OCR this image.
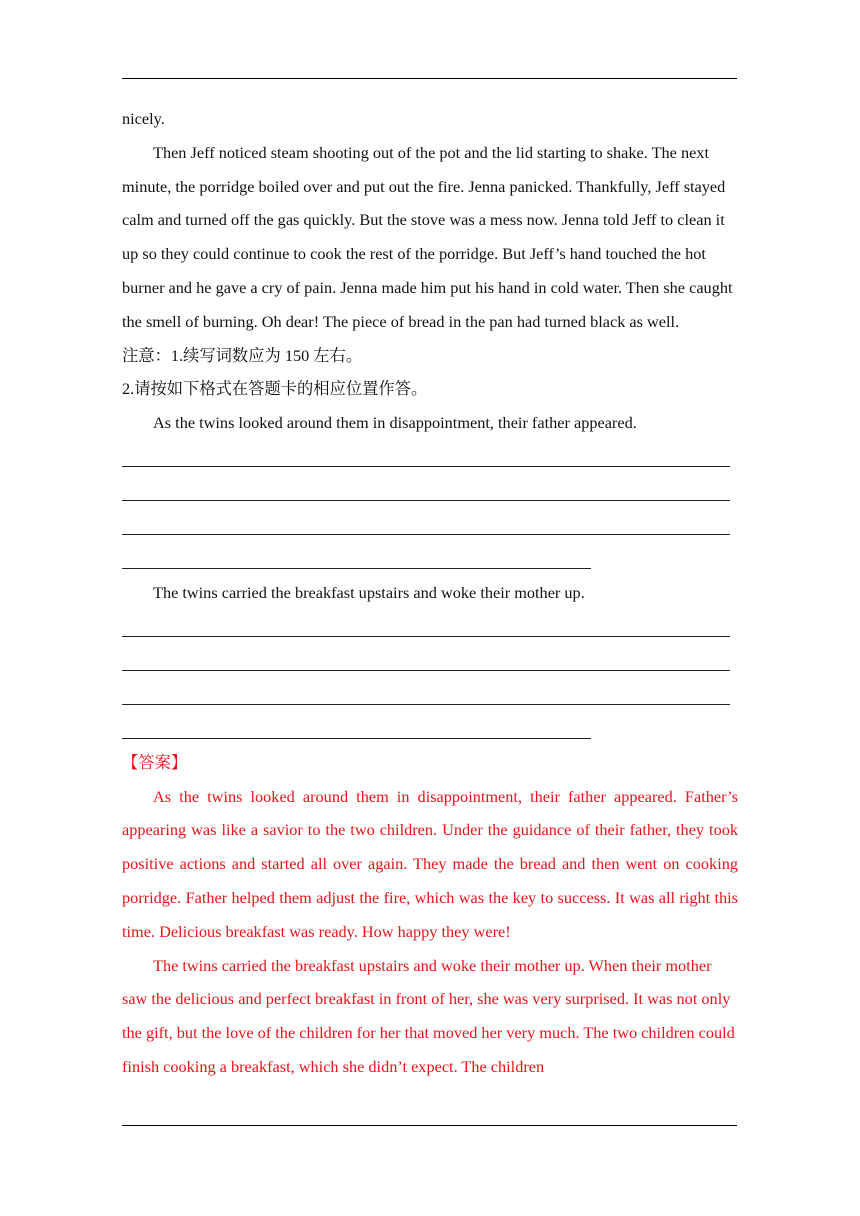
nicely.

Then Jeff noticed steam shooting out of the pot and the lid starting to shake. The next minute, the porridge boiled over and put out the fire. Jenna panicked. Thankfully, Jeff stayed calm and turned off the gas quickly. But the stove was a mess now. Jenna told Jeff to clean it up so they could continue to cook the rest of the porridge. But Jeff’s hand touched the hot burner and he gave a cry of pain. Jenna made him put his hand in cold water. Then she caught the smell of burning. Oh dear! The piece of bread in the pan had turned black as well.

注意：1.续写词数应为 150 左右。

2.请按如下格式在答题卡的相应位置作答。

As the twins looked around them in disappointment, their father appeared.

The twins carried the breakfast upstairs and woke their mother up.

【答案】

As the twins looked around them in disappointment, their father appeared. Father’s appearing was like a savior to the two children. Under the guidance of their father, they took positive actions and started all over again. They made the bread and then went on cooking porridge. Father helped them adjust the fire, which was the key to success. It was all right this time. Delicious breakfast was ready. How happy they were!

The twins carried the breakfast upstairs and woke their mother up. When their mother saw the delicious and perfect breakfast in front of her, she was very surprised. It was not only the gift, but the love of the children for her that moved her very much. The two children could finish cooking a breakfast, which she didn’t expect. The children
